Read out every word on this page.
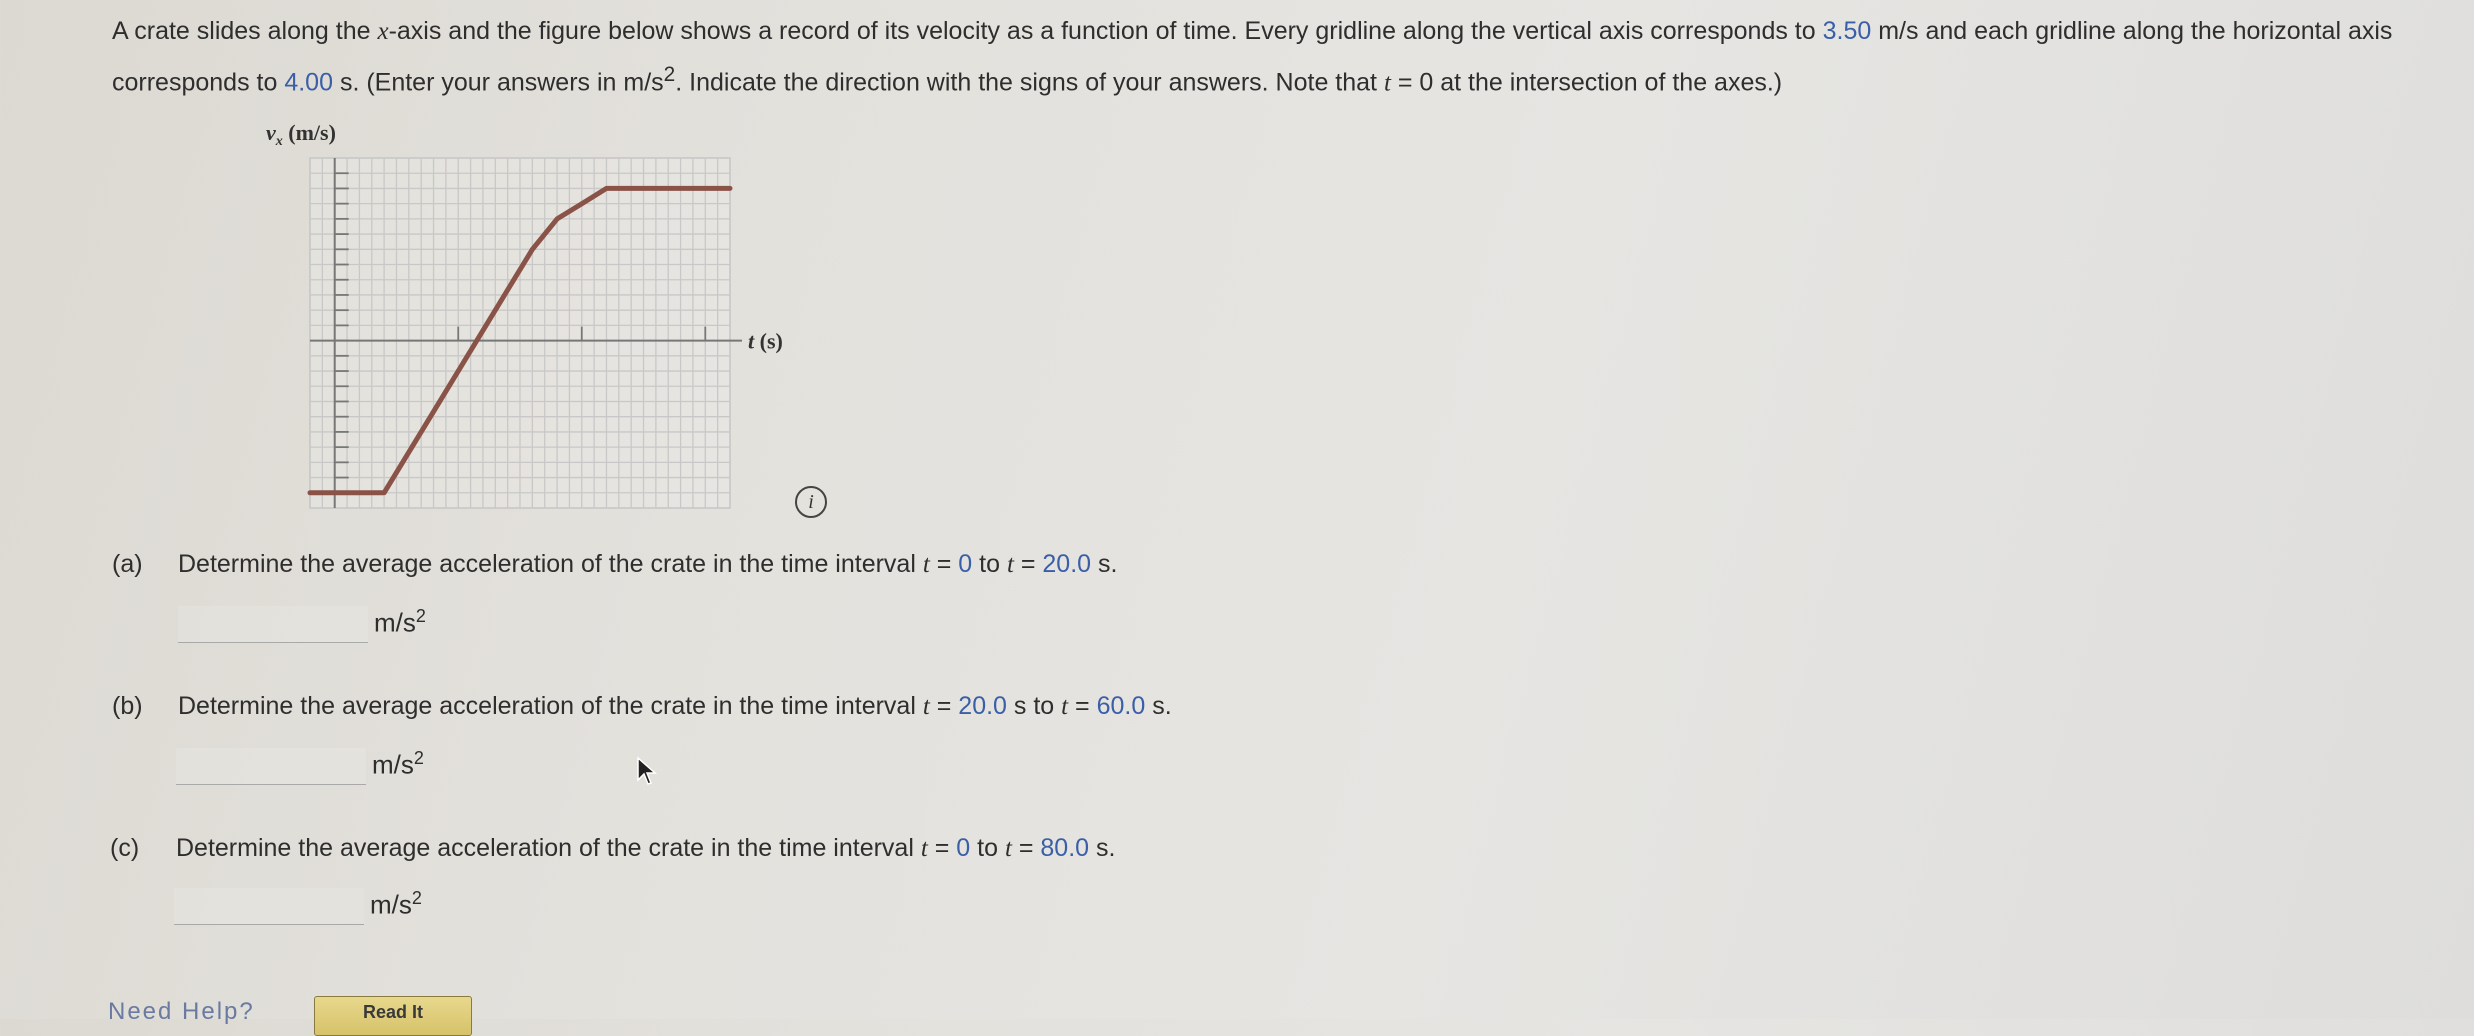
A crate slides along the x-axis and the figure below shows a record of its velocity as a function of time. Every gridline along the vertical axis corresponds to 3.50 m/s and each gridline along the horizontal axis corresponds to 4.00 s. (Enter your answers in $m/s^2$. Indicate the direction with the signs of your answers. Note that t = 0 at the intersection of the axes.)
$v_x$ (m/s)
t (s)
i
(a) Determine the average acceleration of the crate in the time interval t = 0 to t = 20.0 s.
$m/s^2$
(b) Determine the average acceleration of the crate in the time interval t = 20.0 s to t = 60.0 s.
$m/s^2$
(c) Determine the average acceleration of the crate in the time interval t = 0 to t = 80.0 s.
$m/s^2$
Need Help?	Read It
